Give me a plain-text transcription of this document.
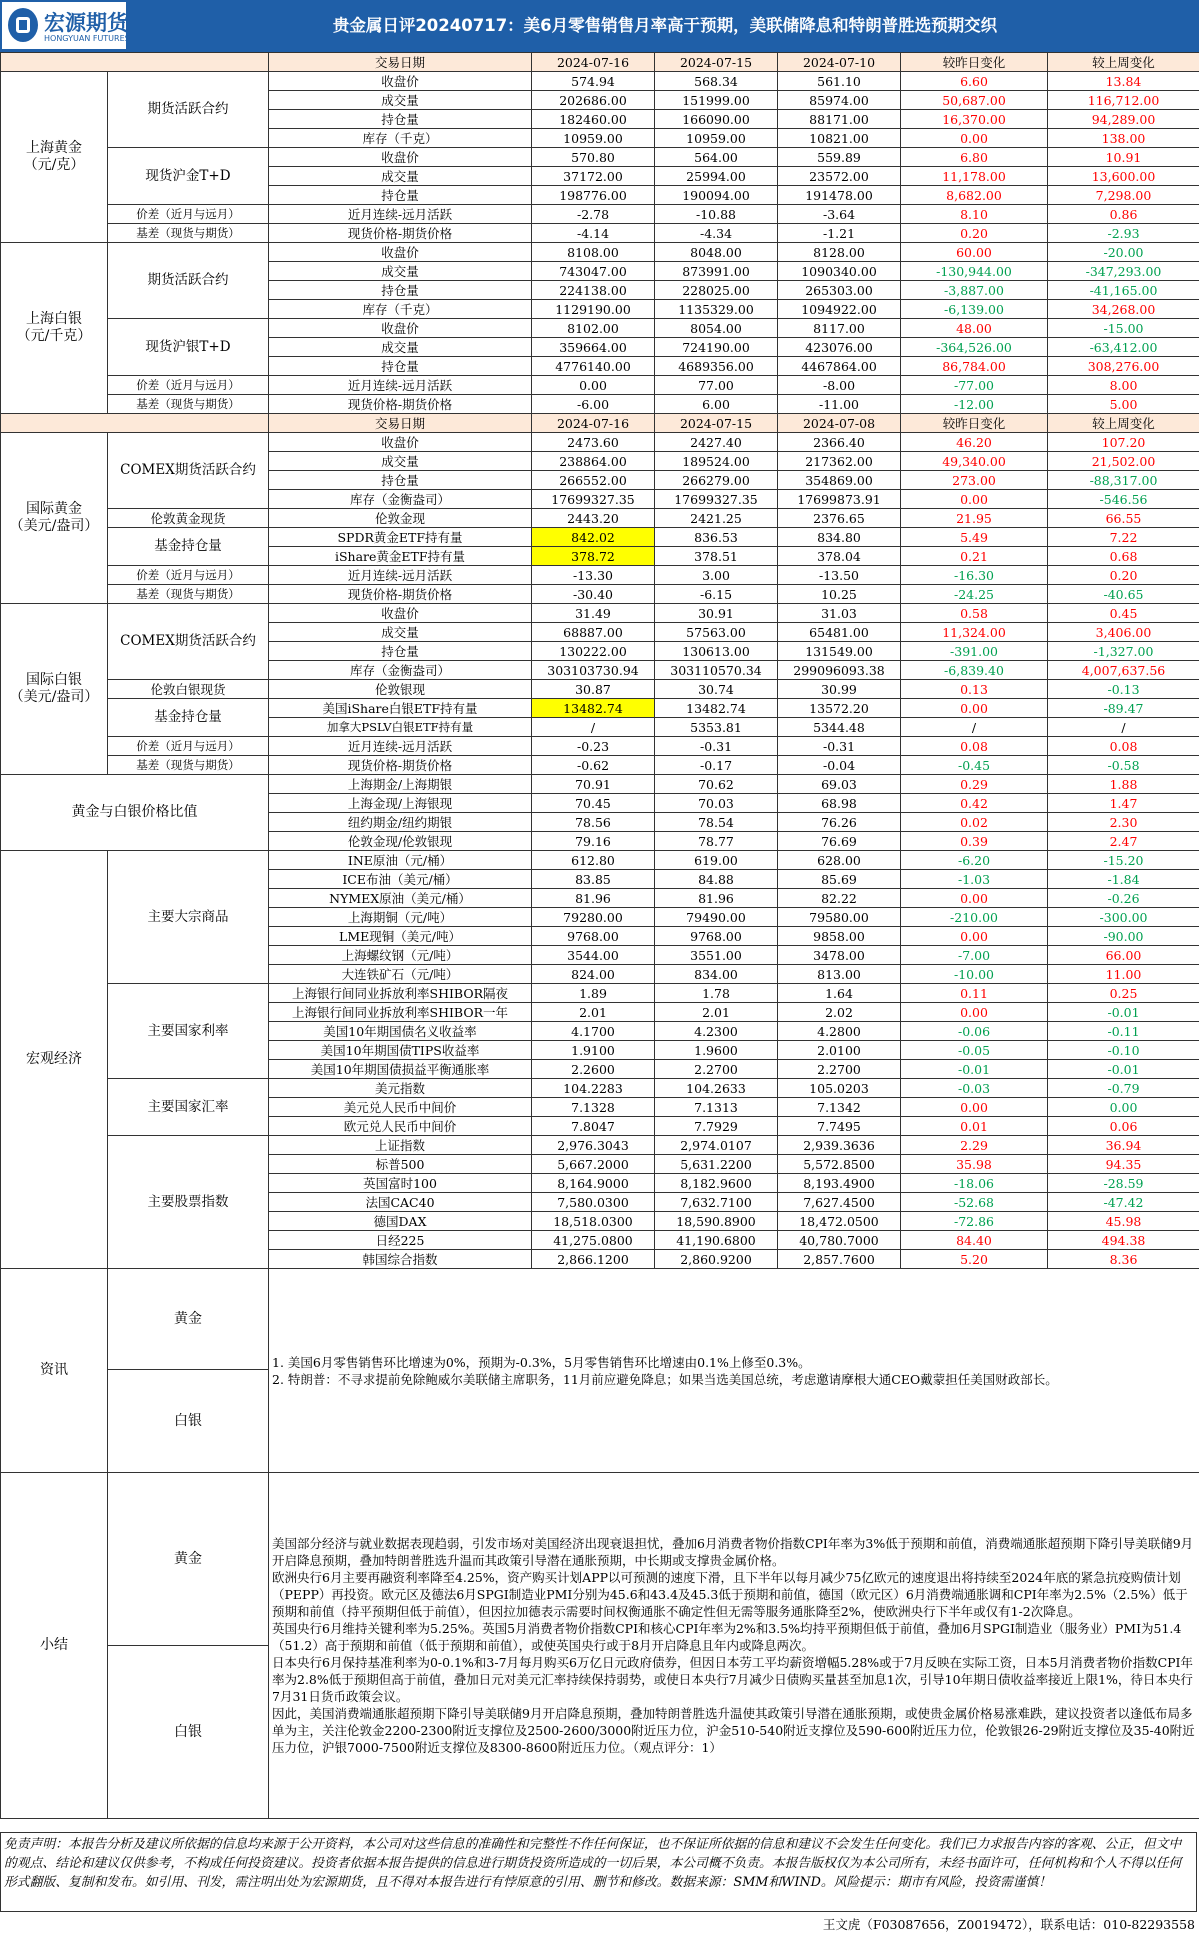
宏源期货
HONGYUAN FUTURES
贵金属日评20240717：美6月零售销售月率高于预期，美联储降息和特朗普胜选预期交织
		交易日期	2024-07-16	2024-07-15	2024-07-10	较昨日变化	较上周变化
上海黄金
（元/克）	期货活跃合约	收盘价	574.94	568.34	561.10	6.60	13.84
		成交量	202686.00	151999.00	85974.00	50,687.00	116,712.00
		持仓量	182460.00	166090.00	88171.00	16,370.00	94,289.00
		库存（千克）	10959.00	10959.00	10821.00	0.00	138.00
	现货沪金T+D	收盘价	570.80	564.00	559.89	6.80	10.91
		成交量	37172.00	25994.00	23572.00	11,178.00	13,600.00
		持仓量	198776.00	190094.00	191478.00	8,682.00	7,298.00
	价差（近月与远月）	近月连续-远月活跃	-2.78	-10.88	-3.64	8.10	0.86
	基差（现货与期货）	现货价格-期货价格	-4.14	-4.34	-1.21	0.20	-2.93
上海白银
（元/千克）	期货活跃合约	收盘价	8108.00	8048.00	8128.00	60.00	-20.00
		成交量	743047.00	873991.00	1090340.00	-130,944.00	-347,293.00
		持仓量	224138.00	228025.00	265303.00	-3,887.00	-41,165.00
		库存（千克）	1129190.00	1135329.00	1094922.00	-6,139.00	34,268.00
	现货沪银T+D	收盘价	8102.00	8054.00	8117.00	48.00	-15.00
		成交量	359664.00	724190.00	423076.00	-364,526.00	-63,412.00
		持仓量	4776140.00	4689356.00	4467864.00	86,784.00	308,276.00
	价差（近月与远月）	近月连续-远月活跃	0.00	77.00	-8.00	-77.00	8.00
	基差（现货与期货）	现货价格-期货价格	-6.00	6.00	-11.00	-12.00	5.00
		交易日期	2024-07-16	2024-07-15	2024-07-08	较昨日变化	较上周变化
国际黄金
（美元/盎司）	COMEX期货活跃合约	收盘价	2473.60	2427.40	2366.40	46.20	107.20
		成交量	238864.00	189524.00	217362.00	49,340.00	21,502.00
		持仓量	266552.00	266279.00	354869.00	273.00	-88,317.00
		库存（金衡盎司）	17699327.35	17699327.35	17699873.91	0.00	-546.56
	伦敦黄金现货	伦敦金现	2443.20	2421.25	2376.65	21.95	66.55
	基金持仓量	SPDR黄金ETF持有量	842.02	836.53	834.80	5.49	7.22
		iShare黄金ETF持有量	378.72	378.51	378.04	0.21	0.68
	价差（近月与远月）	近月连续-远月活跃	-13.30	3.00	-13.50	-16.30	0.20
	基差（现货与期货）	现货价格-期货价格	-30.40	-6.15	10.25	-24.25	-40.65
国际白银
（美元/盎司）	COMEX期货活跃合约	收盘价	31.49	30.91	31.03	0.58	0.45
		成交量	68887.00	57563.00	65481.00	11,324.00	3,406.00
		持仓量	130222.00	130613.00	131549.00	-391.00	-1,327.00
		库存（金衡盎司）	303103730.94	303110570.34	299096093.38	-6,839.40	4,007,637.56
	伦敦白银现货	伦敦银现	30.87	30.74	30.99	0.13	-0.13
	基金持仓量	美国iShare白银ETF持有量	13482.74	13482.74	13572.20	0.00	-89.47
		加拿大PSLV白银ETF持有量	/	5353.81	5344.48	/	/
	价差（近月与远月）	近月连续-远月活跃	-0.23	-0.31	-0.31	0.08	0.08
	基差（现货与期货）	现货价格-期货价格	-0.62	-0.17	-0.04	-0.45	-0.58
黄金与白银价格比值		上海期金/上海期银	70.91	70.62	69.03	0.29	1.88
		上海金现/上海银现	70.45	70.03	68.98	0.42	1.47
		纽约期金/纽约期银	78.56	78.54	76.26	0.02	2.30
		伦敦金现/伦敦银现	79.16	78.77	76.69	0.39	2.47
宏观经济	主要大宗商品	INE原油（元/桶）	612.80	619.00	628.00	-6.20	-15.20
		ICE布油（美元/桶）	83.85	84.88	85.69	-1.03	-1.84
		NYMEX原油（美元/桶）	81.96	81.96	82.22	0.00	-0.26
		上海期铜（元/吨）	79280.00	79490.00	79580.00	-210.00	-300.00
		LME现铜（美元/吨）	9768.00	9768.00	9858.00	0.00	-90.00
		上海螺纹钢（元/吨）	3544.00	3551.00	3478.00	-7.00	66.00
		大连铁矿石（元/吨）	824.00	834.00	813.00	-10.00	11.00
	主要国家利率	上海银行间同业拆放利率SHIBOR隔夜	1.89	1.78	1.64	0.11	0.25
		上海银行间同业拆放利率SHIBOR一年	2.01	2.01	2.02	0.00	-0.01
		美国10年期国债名义收益率	4.1700	4.2300	4.2800	-0.06	-0.11
		美国10年期国债TIPS收益率	1.9100	1.9600	2.0100	-0.05	-0.10
		美国10年期国债损益平衡通胀率	2.2600	2.2700	2.2700	-0.01	-0.01
	主要国家汇率	美元指数	104.2283	104.2633	105.0203	-0.03	-0.79
		美元兑人民币中间价	7.1328	7.1313	7.1342	0.00	0.00
		欧元兑人民币中间价	7.8047	7.7929	7.7495	0.01	0.06
	主要股票指数	上证指数	2,976.3043	2,974.0107	2,939.3636	2.29	36.94
		标普500	5,667.2000	5,631.2200	5,572.8500	35.98	94.35
		英国富时100	8,164.9000	8,182.9600	8,193.4900	-18.06	-28.59
		法国CAC40	7,580.0300	7,632.7100	7,627.4500	-52.68	-47.42
		德国DAX	18,518.0300	18,590.8900	18,472.0500	-72.86	45.98
		日经225	41,275.0800	41,190.6800	40,780.7000	84.40	494.38
		韩国综合指数	2,866.1200	2,860.9200	2,857.7600	5.20	8.36
资讯	黄金	1. 美国6月零售销售环比增速为0%，预期为-0.3%，5月零售销售环比增速由0.1%上修至0.3%。

2. 特朗普：不寻求提前免除鲍威尔美联储主席职务，11月前应避免降息；如果当选美国总统，考虑邀请摩根大通CEO戴蒙担任美国财政部长。					

	白银						
小结	黄金	美国部分经济与就业数据表现趋弱，引发市场对美国经济出现衰退担忧，叠加6月消费者物价指数CPI年率为3%低于预期和前值，消费端通胀超预期下降引导美联储9月开启降息预期，叠加特朗普胜选升温而其政策引导潜在通胀预期，中长期或支撑贵金属价格。

欧洲央行6月主要再融资利率降至4.25%，资产购买计划APP以可预测的速度下滑，且下半年以每月减少75亿欧元的速度退出将持续至2024年底的紧急抗疫购债计划（PEPP）再投资。欧元区及德法6月SPGI制造业PMI分别为45.6和43.4及45.3低于预期和前值，德国（欧元区）6月消费端通胀调和CPI年率为2.5%（2.5%）低于预期和前值（持平预期但低于前值），但因拉加德表示需要时间权衡通胀不确定性但无需等服务通胀降至2%，使欧洲央行下半年或仅有1-2次降息。

英国央行6月维持关键利率为5.25%。英国5月消费者物价指数CPI和核心CPI年率为2%和3.5%均持平预期但低于前值，叠加6月SPGI制造业（服务业）PMI为51.4（51.2）高于预期和前值（低于预期和前值），或使英国央行或于8月开启降息且年内或降息两次。

日本央行6月保持基准利率为0-0.1%和3-7月每月购买6万亿日元政府债券，但因日本劳工平均薪资增幅5.28%或于7月反映在实际工资，日本5月消费者物价指数CPI年率为2.8%低于预期但高于前值，叠加日元对美元汇率持续保持弱势，或使日本央行7月减少日债购买量甚至加息1次，引导10年期日债收益率接近上限1%，待日本央行7月31日货币政策会议。

因此，美国消费端通胀超预期下降引导美联储9月开启降息预期，叠加特朗普胜选升温使其政策引导潜在通胀预期，或使贵金属价格易涨难跌，建议投资者以逢低布局多单为主，关注伦敦金2200-2300附近支撑位及2500-2600/3000附近压力位，沪金510-540附近支撑位及590-600附近压力位，伦敦银26-29附近支撑位及35-40附近压力位，沪银7000-7500附近支撑位及8300-8600附近压力位。（观点评分：1）					

	白银						
免责声明：本报告分析及建议所依据的信息均来源于公开资料，本公司对这些信息的准确性和完整性不作任何保证，也不保证所依据的信息和建议不会发生任何变化。我们已力求报告内容的客观、公正，但文中的观点、结论和建议仅供参考，不构成任何投资建议。投资者依据本报告提供的信息进行期货投资所造成的一切后果，本公司概不负责。本报告版权仅为本公司所有，未经书面许可，任何机构和个人不得以任何形式翻版、复制和发布。如引用、刊发，需注明出处为宏源期货，且不得对本报告进行有悖原意的引用、删节和修改。数据来源：SMM和WIND。风险提示：期市有风险，投资需谨慎！
王文虎（F03087656，Z0019472），联系电话：010-82293558
